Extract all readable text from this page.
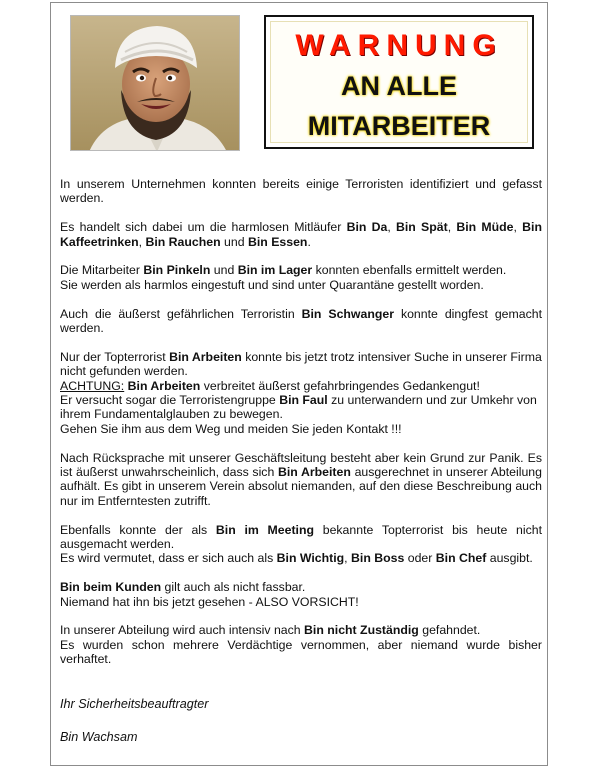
WARNUNG
AN ALLE
MITARBEITER

In unserem Unternehmen konnten bereits einige Terroristen identifiziert und gefasst werden.

Es handelt sich dabei um die harmlosen Mitläufer Bin Da, Bin Spät, Bin Müde, Bin Kaffeetrinken, Bin Rauchen und Bin Essen.

Die Mitarbeiter Bin Pinkeln und Bin im Lager konnten ebenfalls ermittelt werden.
Sie werden als harmlos eingestuft und sind unter Quarantäne gestellt worden.

Auch die äußerst gefährlichen Terroristin Bin Schwanger konnte dingfest gemacht werden.

Nur der Topterrorist Bin Arbeiten konnte bis jetzt trotz intensiver Suche in unserer Firma nicht gefunden werden.
ACHTUNG: Bin Arbeiten verbreitet äußerst gefahrbringendes Gedankengut!
Er versucht sogar die Terroristengruppe Bin Faul zu unterwandern und zur Umkehr von ihrem Fundamentalglauben zu bewegen.
Gehen Sie ihm aus dem Weg und meiden Sie jeden Kontakt !!!

Nach Rücksprache mit unserer Geschäftsleitung besteht aber kein Grund zur Panik. Es ist äußerst unwahrscheinlich, dass sich Bin Arbeiten ausgerechnet in unserer Abteilung aufhält. Es gibt in unserem Verein absolut niemanden, auf den diese Beschreibung auch nur im Entferntesten zutrifft.

Ebenfalls konnte der als Bin im Meeting bekannte Topterrorist bis heute nicht ausgemacht werden.
Es wird vermutet, dass er sich auch als Bin Wichtig, Bin Boss oder Bin Chef ausgibt.

Bin beim Kunden gilt auch als nicht fassbar.
Niemand hat ihn bis jetzt gesehen - ALSO VORSICHT!

In unserer Abteilung wird auch intensiv nach Bin nicht Zuständig gefahndet.

Es wurden schon mehrere Verdächtige vernommen, aber niemand wurde bisher verhaftet.

Ihr Sicherheitsbeauftragter
Bin Wachsam
